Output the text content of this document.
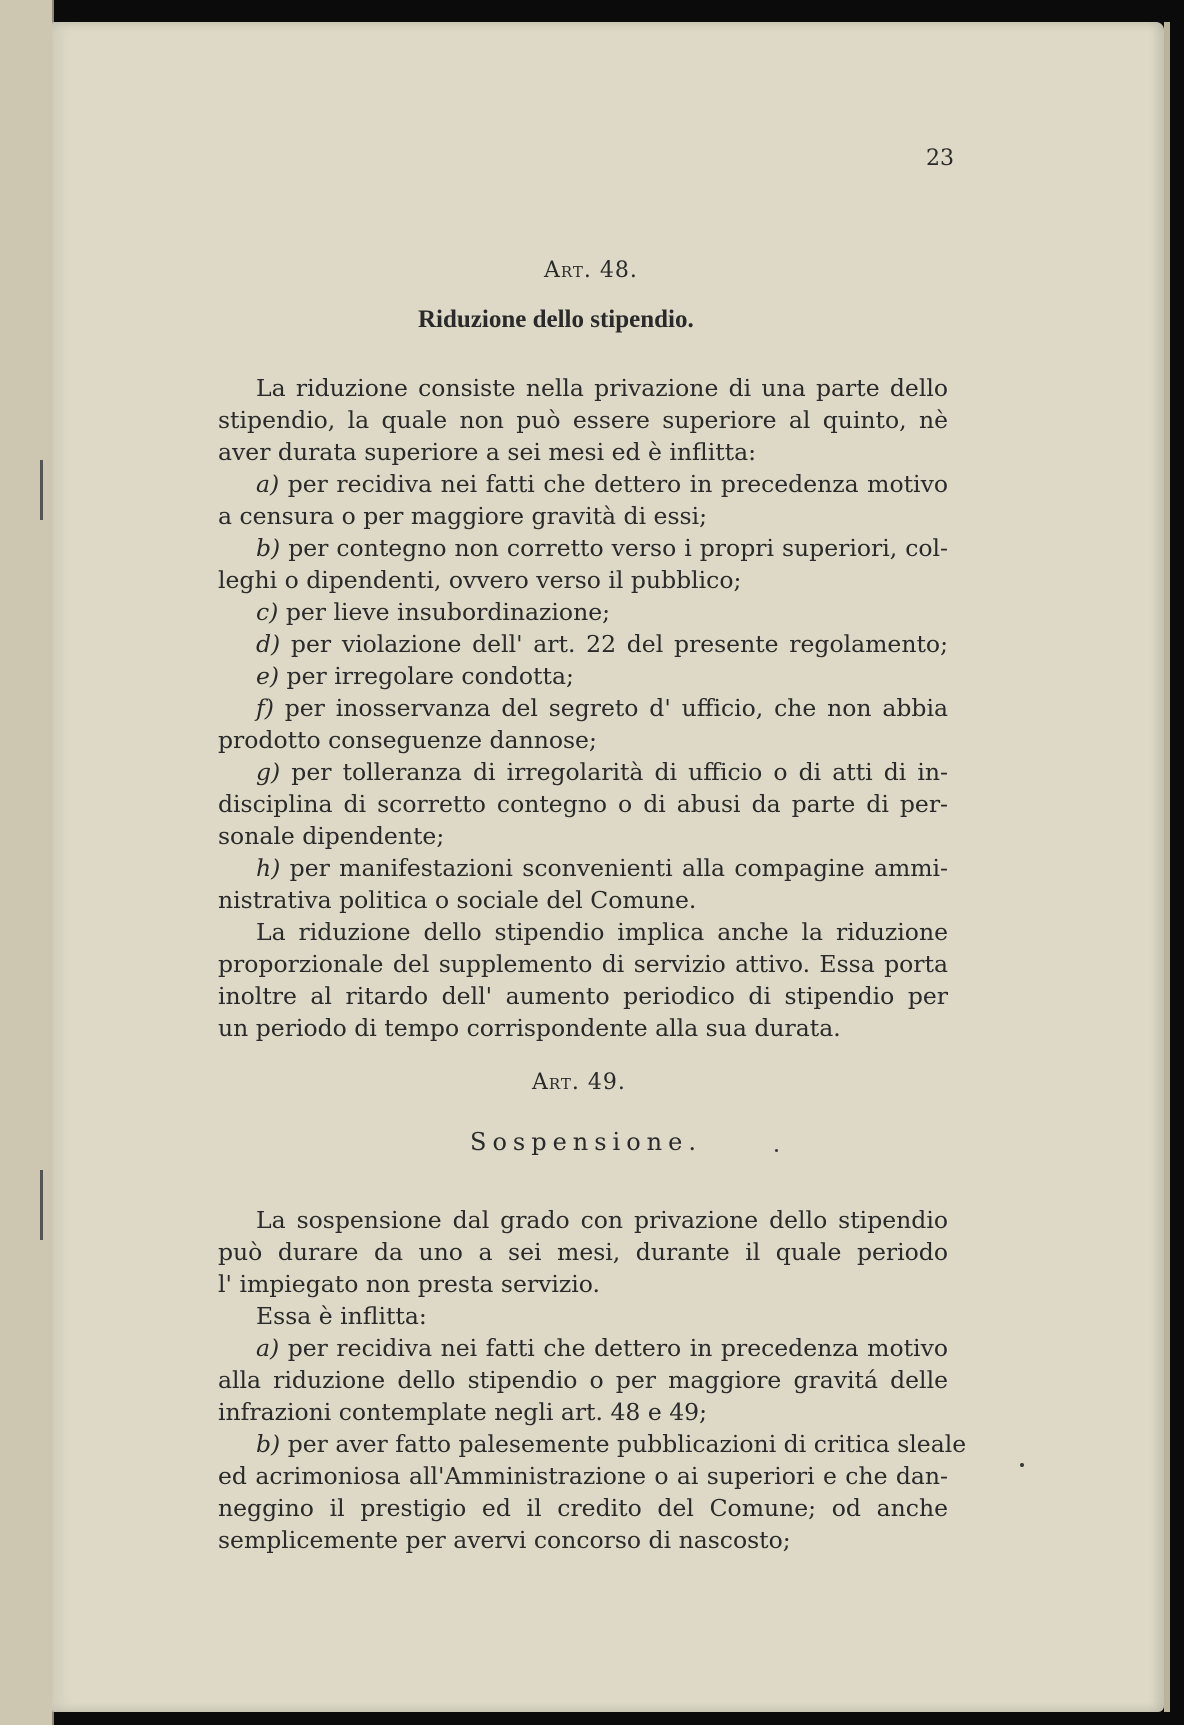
23
Art. 48.
Riduzione dello stipendio.
La riduzione consiste nella privazione di una parte dello
stipendio, la quale non può essere superiore al quinto, nè
aver durata superiore a sei mesi ed è inflitta:
a) per recidiva nei fatti che dettero in precedenza motivo
a censura o per maggiore gravità di essi;
b) per contegno non corretto verso i propri superiori, col-
leghi o dipendenti, ovvero verso il pubblico;
c) per lieve insubordinazione;
d) per violazione dell' art. 22 del presente regolamento;
e) per irregolare condotta;
f) per inosservanza del segreto d' ufficio, che non abbia
prodotto conseguenze dannose;
g) per tolleranza di irregolarità di ufficio o di atti di in-
disciplina di scorretto contegno o di abusi da parte di per-
sonale dipendente;
h) per manifestazioni sconvenienti alla compagine ammi-
nistrativa politica o sociale del Comune.
La riduzione dello stipendio implica anche la riduzione
proporzionale del supplemento di servizio attivo. Essa porta
inoltre al ritardo dell' aumento periodico di stipendio per
un periodo di tempo corrispondente alla sua durata.
Art. 49.
Sospensione.
La sospensione dal grado con privazione dello stipendio
può durare da uno a sei mesi, durante il quale periodo
l' impiegato non presta servizio.
Essa è inflitta:
a) per recidiva nei fatti che dettero in precedenza motivo
alla riduzione dello stipendio o per maggiore gravitá delle
infrazioni contemplate negli art. 48 e 49;
b) per aver fatto palesemente pubblicazioni di critica sleale
ed acrimoniosa all'Amministrazione o ai superiori e che dan-
neggino il prestigio ed il credito del Comune; od anche
semplicemente per avervi concorso di nascosto;
